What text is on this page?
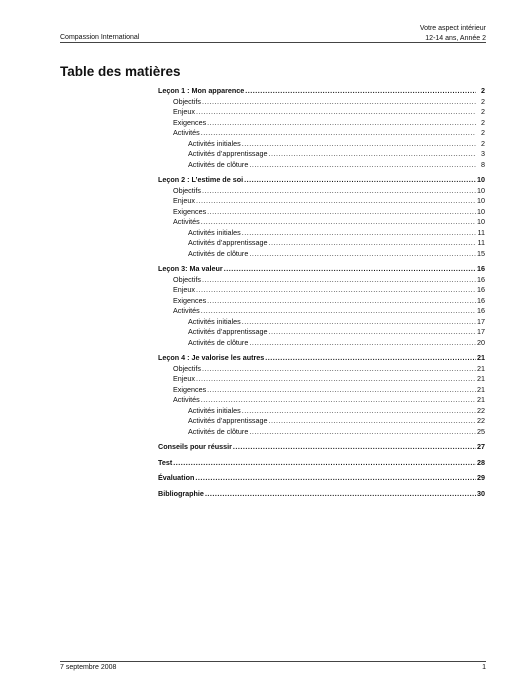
Compassion International
Votre aspect intérieur
12-14 ans, Année 2
Table des matières
Leçon 1 : Mon apparence .....	2
Objectifs .....	2
Enjeux .....	2
Exigences .....	2
Activités .....	2
Activités initiales .....	2
Activités d’apprentissage .....	3
Activités de clôture .....	8
Leçon 2 : L’estime de soi .....	10
Objectifs .....	10
Enjeux .....	10
Exigences .....	10
Activités .....	10
Activités initiales .....	11
Activités d’apprentissage .....	11
Activités de clôture .....	15
Leçon 3: Ma valeur .....	16
Objectifs .....	16
Enjeux .....	16
Exigences .....	16
Activités .....	16
Activités initiales .....	17
Activités d’apprentissage .....	17
Activités de clôture .....	20
Leçon 4 : Je valorise les autres .....	21
Objectifs .....	21
Enjeux .....	21
Exigences .....	21
Activités .....	21
Activités initiales .....	22
Activités d’apprentissage .....	22
Activités de clôture .....	25
Conseils pour réussir .....	27
Test .....	28
Évaluation .....	29
Bibliographie .....	30
7 septembre 2008	1
